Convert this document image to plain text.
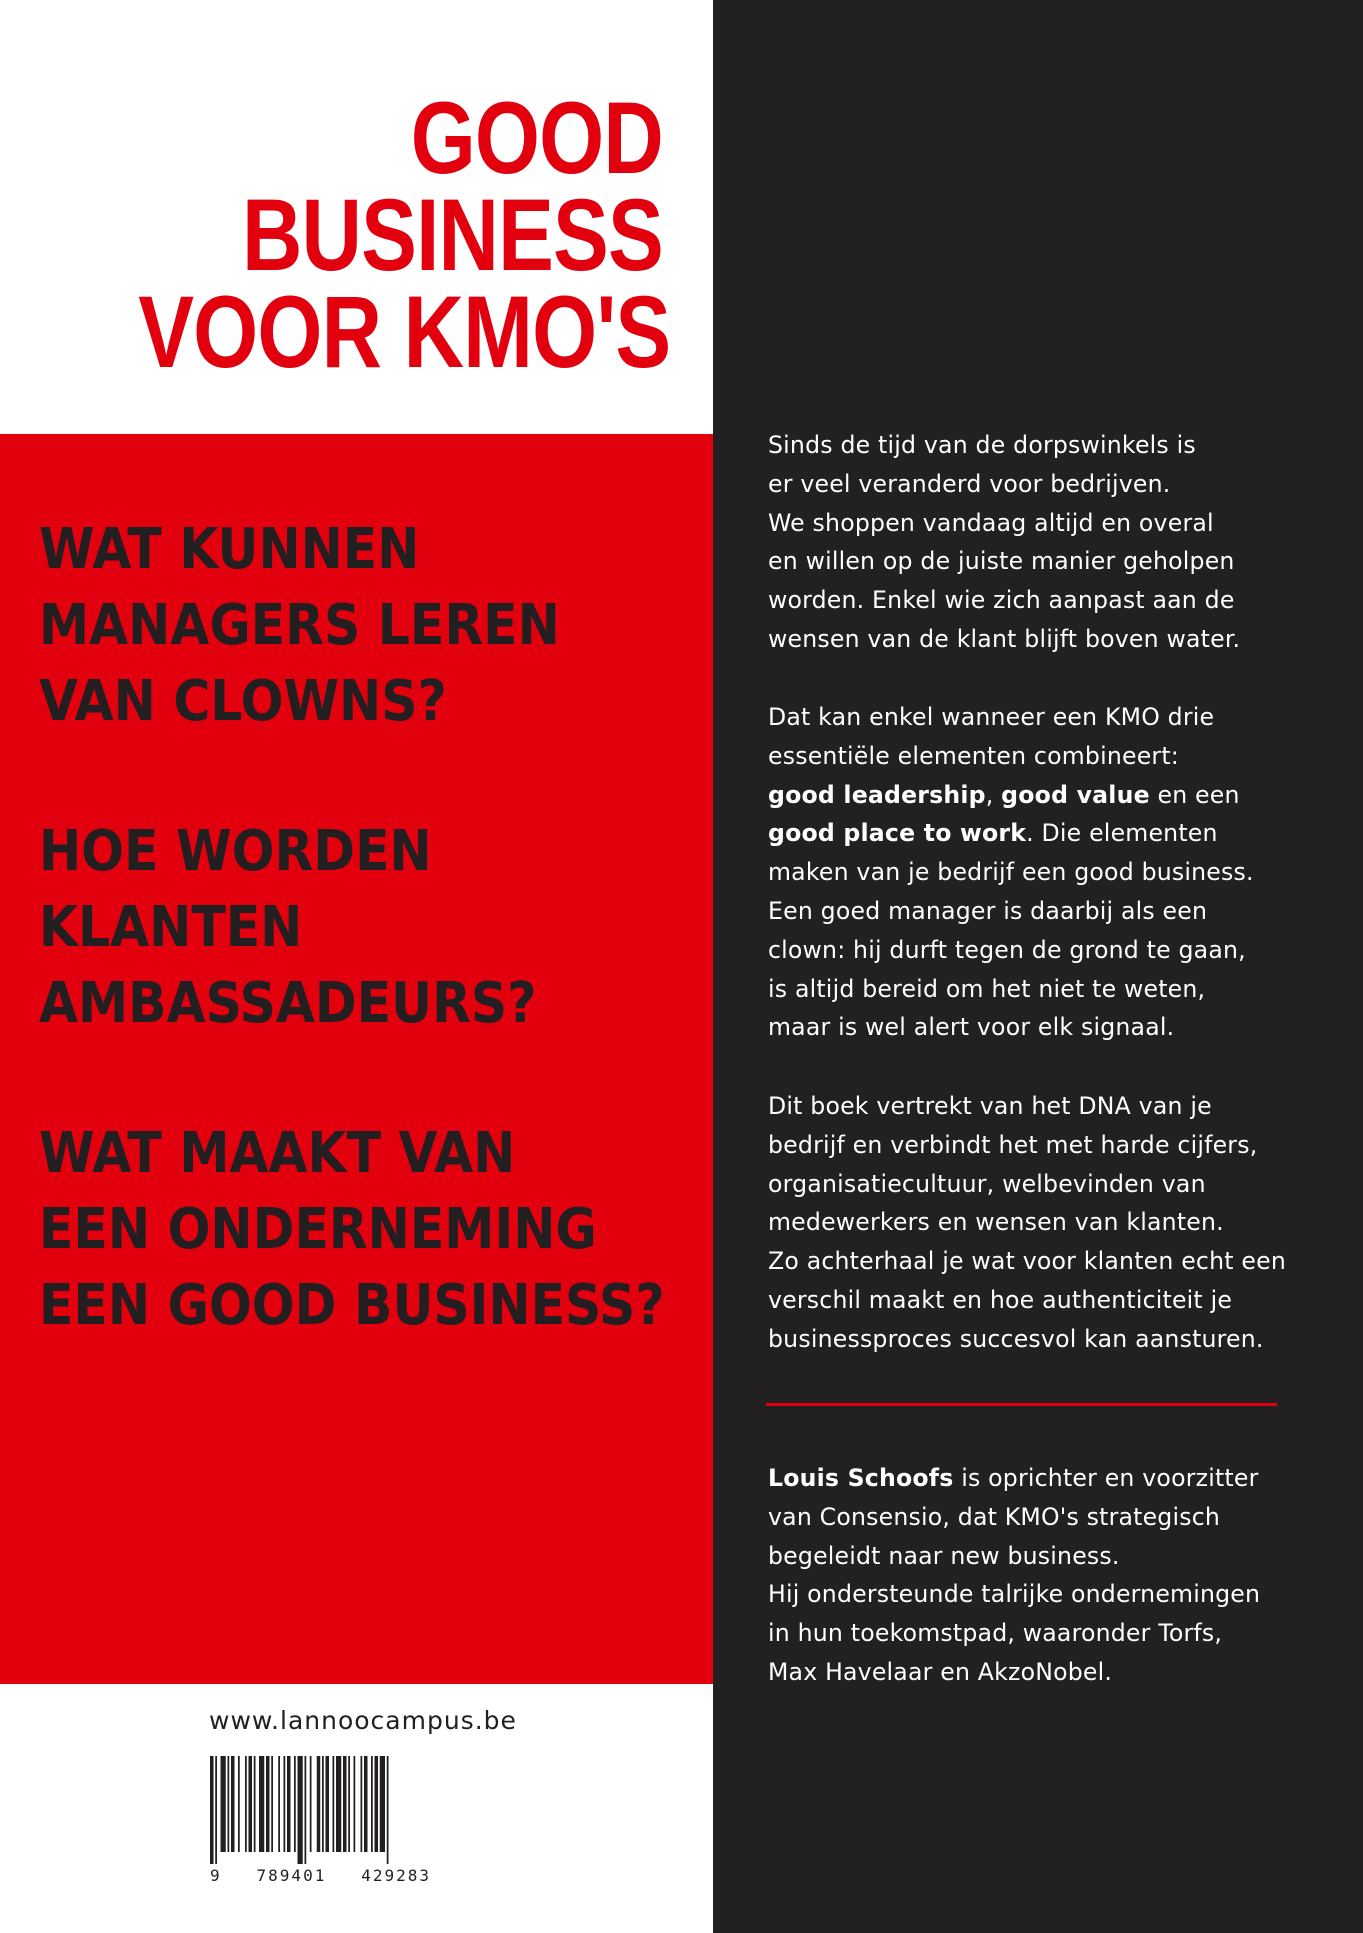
GOOD
BUSINESS
VOOR KMO'S
WAT KUNNEN
MANAGERS LEREN
VAN CLOWNS?
HOE WORDEN
KLANTEN
AMBASSADEURS?
WAT MAAKT VAN
EEN ONDERNEMING
EEN GOOD BUSINESS?

Sinds de tijd van de dorpswinkels is

er veel veranderd voor bedrijven.

We shoppen vandaag altijd en overal

en willen op de juiste manier geholpen

worden. Enkel wie zich aanpast aan de

wensen van de klant blijft boven water.

Dat kan enkel wanneer een KMO drie

essentiële elementen combineert:

good leadership, good value en een

good place to work. Die elementen

maken van je bedrijf een good business.

Een goed manager is daarbij als een

clown: hij durft tegen de grond te gaan,

is altijd bereid om het niet te weten,

maar is wel alert voor elk signaal.

Dit boek vertrekt van het DNA van je

bedrijf en verbindt het met harde cijfers,

organisatiecultuur, welbevinden van

medewerkers en wensen van klanten.

Zo achterhaal je wat voor klanten echt een

verschil maakt en hoe authenticiteit je

businessproces succesvol kan aansturen.

Louis Schoofs is oprichter en voorzitter

van Consensio, dat KMO's strategisch

begeleidt naar new business.

Hij ondersteunde talrijke ondernemingen

in hun toekomstpad, waaronder Torfs,

Max Havelaar en AkzoNobel.

www.lannoocampus.be
9   789401   429283
